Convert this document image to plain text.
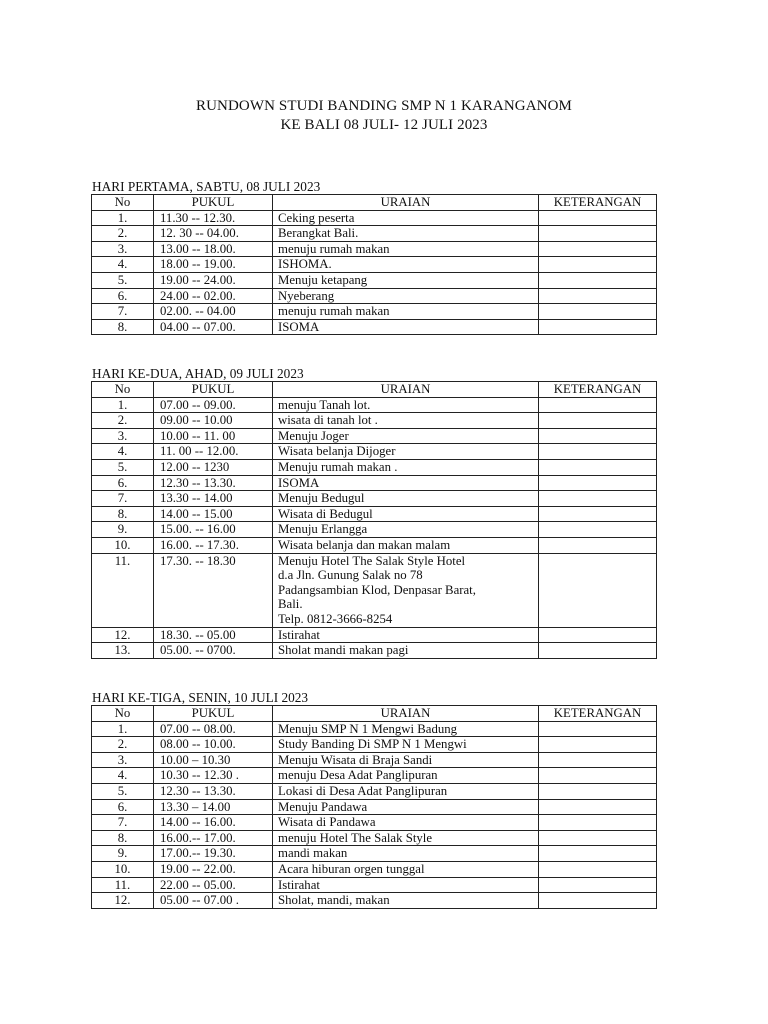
RUNDOWN STUDI BANDING SMP N 1 KARANGANOM
KE BALI 08 JULI- 12 JULI 2023
HARI PERTAMA, SABTU, 08 JULI 2023
No	PUKUL	URAIAN	KETERANGAN
1.	11.30 -- 12.30.	Ceking peserta	

2.	12. 30 -- 04.00.	Berangkat Bali.	

3.	13.00 -- 18.00.	menuju rumah makan	

4.	18.00 -- 19.00.	ISHOMA.	

5.	19.00 -- 24.00.	Menuju ketapang	

6.	24.00 -- 02.00.	Nyeberang	

7.	02.00. -- 04.00	menuju rumah makan	

8.	04.00 -- 07.00.	ISOMA	

HARI KE-DUA, AHAD, 09 JULI 2023
No	PUKUL	URAIAN	KETERANGAN
1.	07.00 -- 09.00.	menuju Tanah lot.	

2.	09.00 -- 10.00	wisata di tanah lot .	

3.	10.00 -- 11. 00	Menuju Joger	

4.	11. 00 -- 12.00.	Wisata belanja Dijoger	

5.	12.00 -- 1230	Menuju rumah makan .	

6.	12.30 -- 13.30.	ISOMA	

7.	13.30 -- 14.00	Menuju Bedugul	

8.	14.00 -- 15.00	Wisata di Bedugul	

9.	15.00. -- 16.00	Menuju Erlangga	

10.	16.00. -- 17.30.	Wisata belanja dan makan malam	

11.	17.30. -- 18.30	Menuju Hotel The Salak Style Hotel
d.a Jln. Gunung Salak no 78
Padangsambian Klod, Denpasar Barat,
Bali.
Telp. 0812-3666-8254	

12.	18.30. -- 05.00	Istirahat	

13.	05.00. -- 0700.	Sholat mandi makan pagi	

HARI KE-TIGA, SENIN, 10 JULI 2023
No	PUKUL	URAIAN	KETERANGAN
1.	07.00 -- 08.00.	Menuju SMP N 1 Mengwi Badung	

2.	08.00 -- 10.00.	Study Banding Di SMP N 1 Mengwi	

3.	10.00 – 10.30	Menuju Wisata di Braja Sandi	

4.	10.30 -- 12.30 .	menuju Desa Adat Panglipuran	

5.	12.30 -- 13.30.	Lokasi di Desa Adat Panglipuran	

6.	13.30 – 14.00	Menuju Pandawa	

7.	14.00 -- 16.00.	Wisata di Pandawa	

8.	16.00.-- 17.00.	menuju Hotel The Salak Style	

9.	17.00.-- 19.30.	mandi makan	

10.	19.00 -- 22.00.	Acara hiburan orgen tunggal	

11.	22.00 -- 05.00.	Istirahat	

12.	05.00 -- 07.00 .	Sholat, mandi, makan	
